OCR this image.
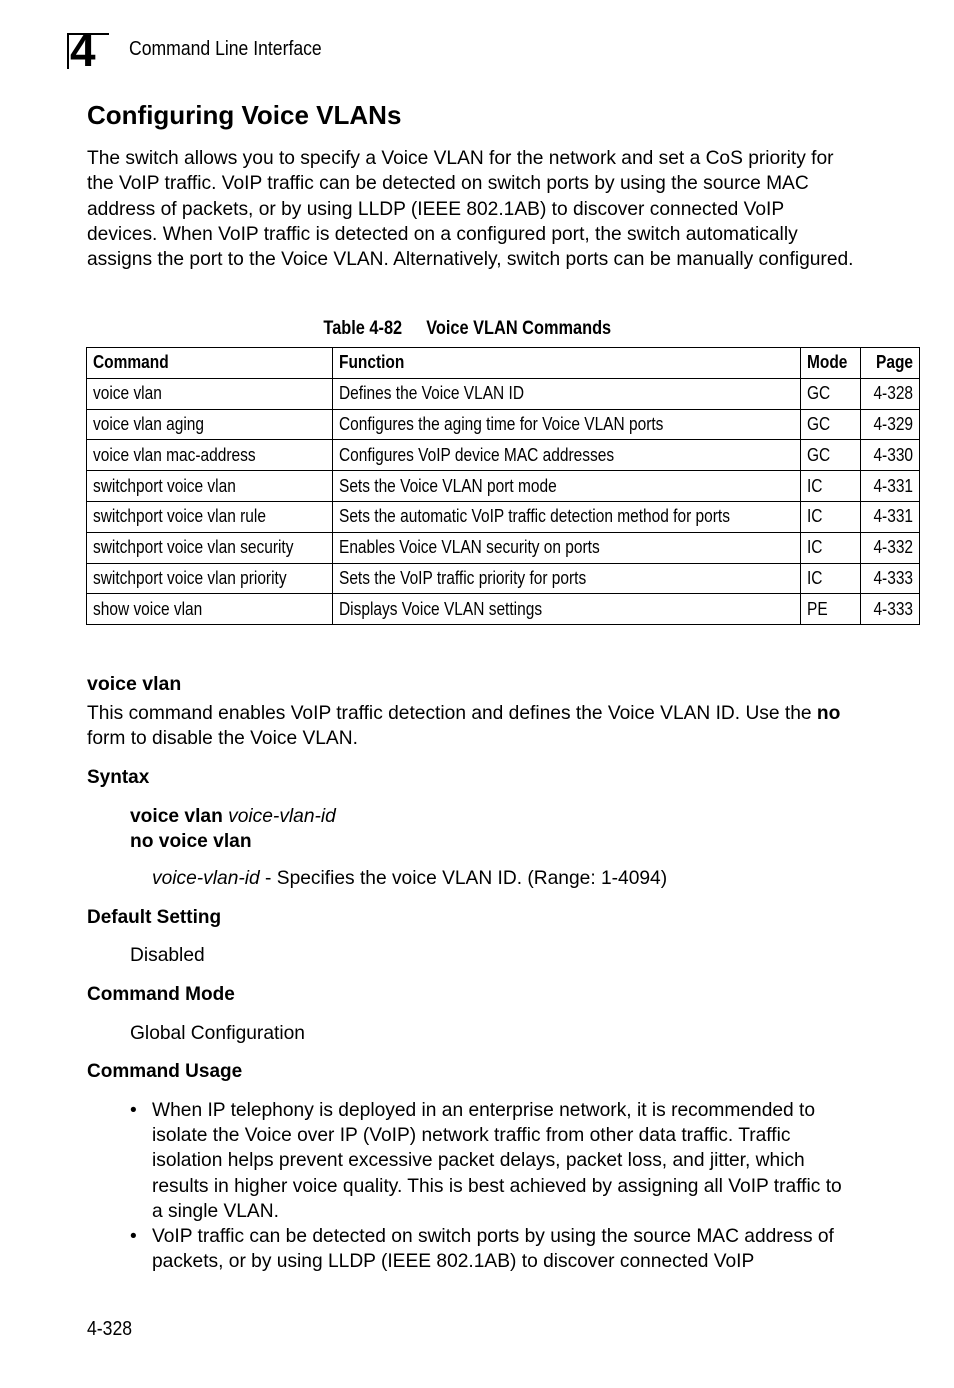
4 Command Line Interface
Configuring Voice VLANs

The switch allows you to specify a Voice VLAN for the network and set a CoS priority for the VoIP traffic. VoIP traffic can be detected on switch ports by using the source MAC address of packets, or by using LLDP (IEEE 802.1AB) to discover connected VoIP devices. When VoIP traffic is detected on a configured port, the switch automatically assigns the port to the Voice VLAN. Alternatively, switch ports can be manually configured.

Table 4-82 Voice VLAN Commands
Command	Function	Mode	Page
voice vlan	Defines the Voice VLAN ID	GC	4-328
voice vlan aging	Configures the aging time for Voice VLAN ports	GC	4-329
voice vlan mac-address	Configures VoIP device MAC addresses	GC	4-330
switchport voice vlan	Sets the Voice VLAN port mode	IC	4-331
switchport voice vlan rule	Sets the automatic VoIP traffic detection method for ports	IC	4-331
switchport voice vlan security	Enables Voice VLAN security on ports	IC	4-332
switchport voice vlan priority	Sets the VoIP traffic priority for ports	IC	4-333
show voice vlan	Displays Voice VLAN settings	PE	4-333
voice vlan

This command enables VoIP traffic detection and defines the Voice VLAN ID. Use the no form to disable the Voice VLAN.

Syntax

voice vlan voice-vlan-id

no voice vlan

voice-vlan-id - Specifies the voice VLAN ID. (Range: 1-4094)

Default Setting

Disabled

Command Mode

Global Configuration

Command Usage
• When IP telephony is deployed in an enterprise network, it is recommended to isolate the Voice over IP (VoIP) network traffic from other data traffic. Traffic isolation helps prevent excessive packet delays, packet loss, and jitter, which results in higher voice quality. This is best achieved by assigning all VoIP traffic to a single VLAN.
• VoIP traffic can be detected on switch ports by using the source MAC address of packets, or by using LLDP (IEEE 802.1AB) to discover connected VoIP
4-328
